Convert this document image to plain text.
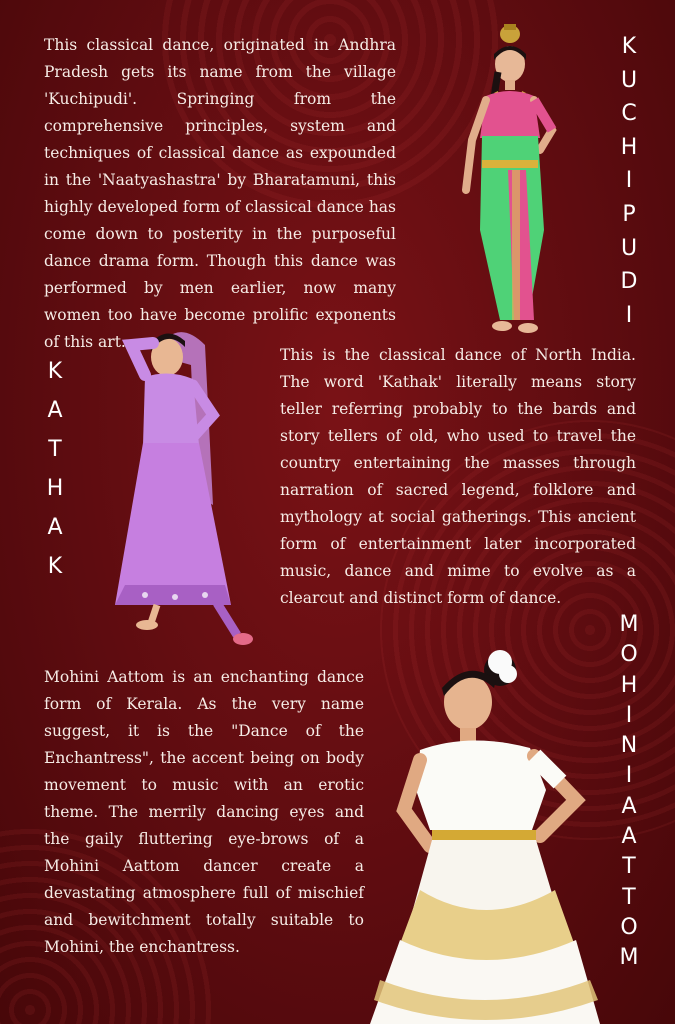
This classical dance, originated in Andhra Pradesh gets its name from the village 'Kuchipudi'. Springing from the comprehensive principles, system and techniques of classical dance as expounded in the 'Naatyashastra' by Bharatamuni, this highly developed form of classical dance has come down to posterity in the purposeful dance drama form. Though this dance was performed by men earlier, now many women too have become prolific exponents of this art.

K
U
C
H
I
P
U
D
I
K
A
T
H
A
K

This is the classical dance of North India. The word 'Kathak' literally means story teller referring probably to the bards and story tellers of old, who used to travel the country entertaining the masses through narration of sacred legend, folklore and mythology at social gatherings. This ancient form of entertainment later incorporated music, dance and mime to evolve as a clearcut and distinct form of dance.

Mohini Aattom is an enchanting dance form of Kerala. As the very name suggest, it is the "Dance of the Enchantress", the accent being on body movement to music with an erotic theme. The merrily dancing eyes and the gaily fluttering eye-brows of a Mohini Aattom dancer create a devastating atmosphere full of mischief and bewitchment totally suitable to Mohini, the enchantress.

M
O
H
I
N
I
A
A
T
T
O
M
